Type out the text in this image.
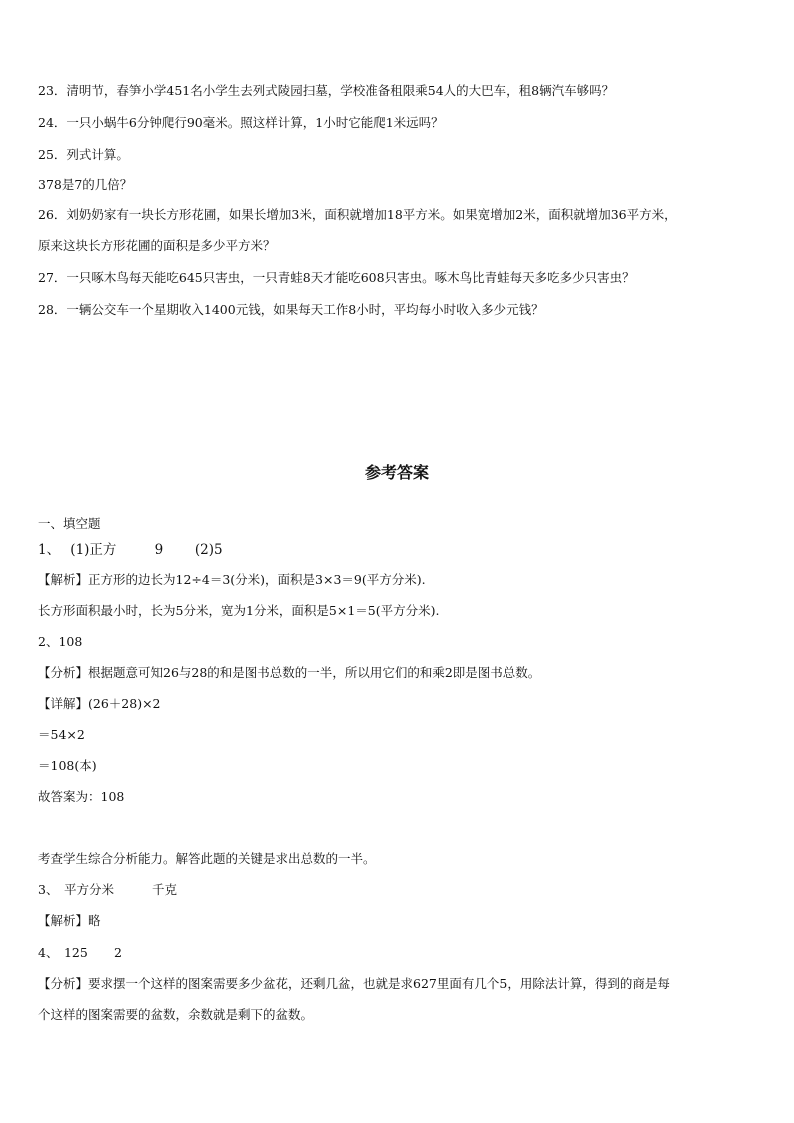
23．清明节，春笋小学451名小学生去列式陵园扫墓，学校准备租限乘54人的大巴车，租8辆汽车够吗？
24．一只小蜗牛6分钟爬行90毫米。照这样计算，1小时它能爬1米远吗？
25．列式计算。
378是7的几倍？
26．刘奶奶家有一块长方形花圃，如果长增加3米，面积就增加18平方米。如果宽增加2米，面积就增加36平方米，
原来这块长方形花圃的面积是多少平方米？
27．一只啄木鸟每天能吃645只害虫，一只青蛙8天才能吃608只害虫。啄木鸟比青蛙每天多吃多少只害虫？
28．一辆公交车一个星期收入1400元钱，如果每天工作8小时，平均每小时收入多少元钱？
参考答案
一、填空题
1、 (1)正方	9 (2)5
【解析】正方形的边长为12÷4＝3(分米)，面积是3×3＝9(平方分米).
长方形面积最小时，长为5分米，宽为1分米，面积是5×1＝5(平方分米).
2、108
【分析】根据题意可知26与28的和是图书总数的一半，所以用它们的和乘2即是图书总数。
【详解】(26＋28)×2
＝54×2
＝108(本)
故答案为：108
考查学生综合分析能力。解答此题的关键是求出总数的一半。
3、 平方分米	千克
【解析】略
4、 125 2
【分析】要求摆一个这样的图案需要多少盆花，还剩几盆，也就是求627里面有几个5，用除法计算，得到的商是每
个这样的图案需要的盆数，余数就是剩下的盆数。
